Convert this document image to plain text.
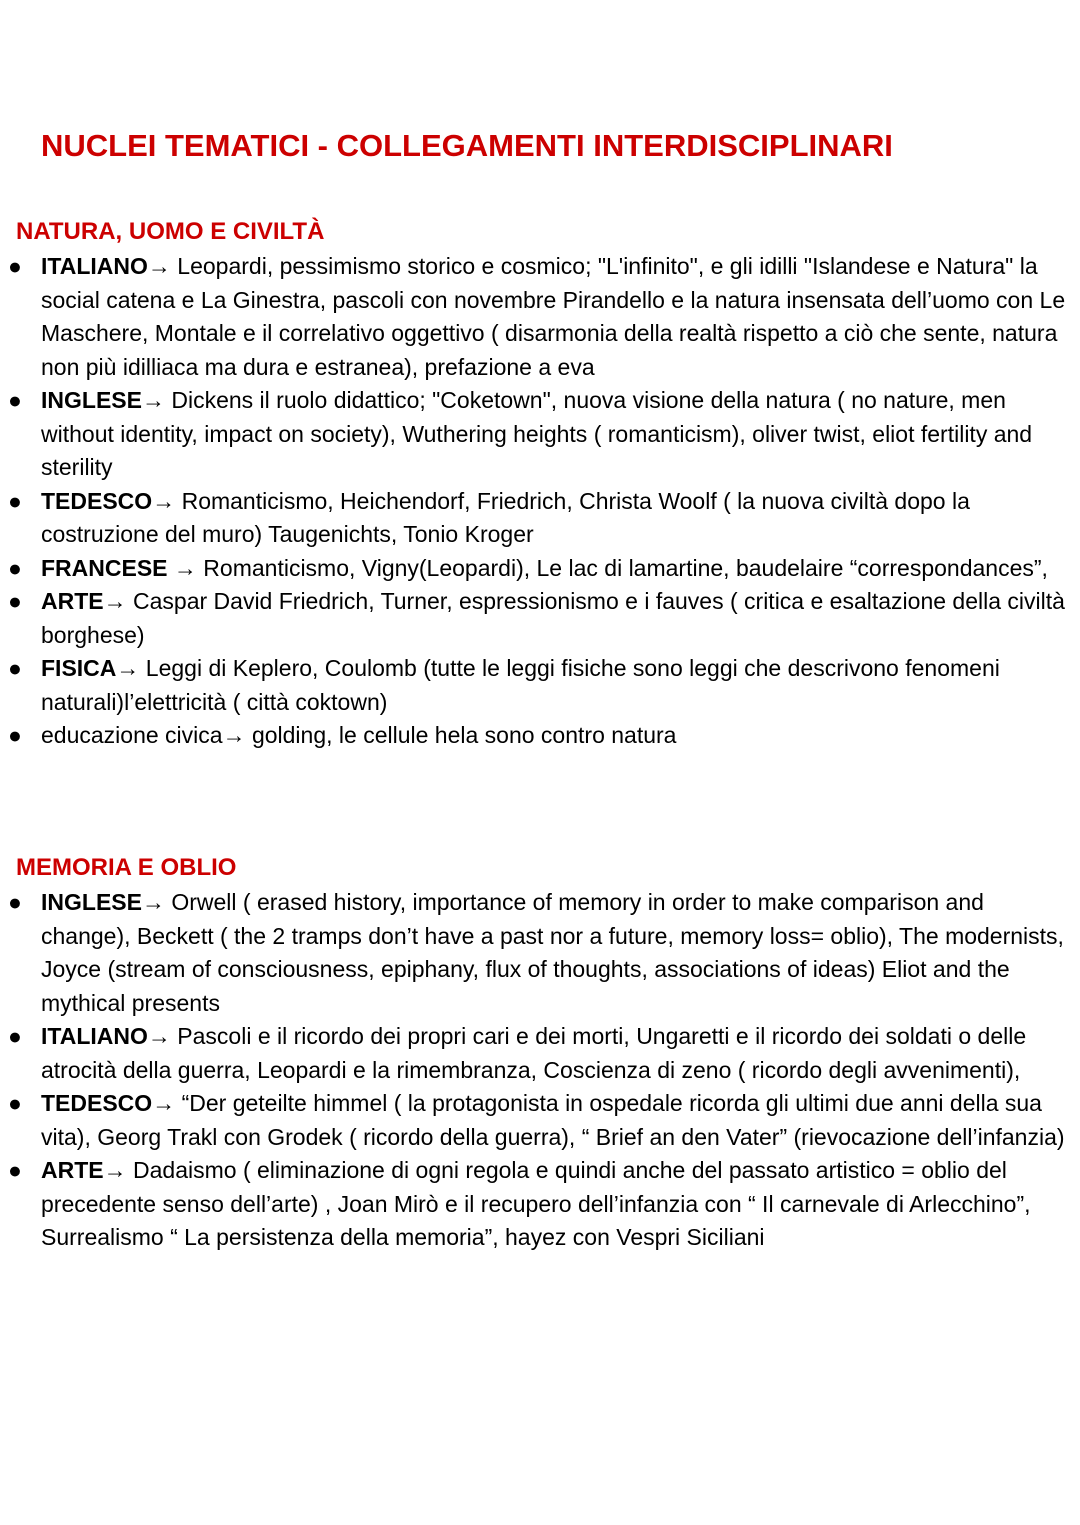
NUCLEI TEMATICI - COLLEGAMENTI INTERDISCIPLINARI
NATURA, UOMO E CIVILTÀ
● ITALIANO→ Leopardi, pessimismo storico e cosmico; "L'infinito", e gli idilli "Islandese e Natura" la social catena e La Ginestra, pascoli con novembre Pirandello e la natura insensata dell’uomo con Le Maschere, Montale e il correlativo oggettivo ( disarmonia della realtà rispetto a ciò che sente, natura non più idilliaca ma dura e estranea), prefazione a eva
● INGLESE→ Dickens il ruolo didattico; "Coketown", nuova visione della natura ( no nature, men without identity, impact on society), Wuthering heights ( romanticism), oliver twist, eliot fertility and sterility
● TEDESCO→ Romanticismo, Heichendorf, Friedrich, Christa Woolf ( la nuova civiltà dopo la costruzione del muro) Taugenichts, Tonio Kroger
● FRANCESE → Romanticismo, Vigny(Leopardi), Le lac di lamartine, baudelaire “correspondances”,
● ARTE→ Caspar David Friedrich, Turner, espressionismo e i fauves ( critica e esaltazione della civiltà borghese)
● FISICA→ Leggi di Keplero, Coulomb (tutte le leggi fisiche sono leggi che descrivono fenomeni naturali)l’elettricità ( città coktown)
● educazione civica→ golding, le cellule hela sono contro natura
MEMORIA E OBLIO
● INGLESE→ Orwell ( erased history, importance of memory in order to make comparison and change), Beckett ( the 2 tramps don’t have a past nor a future, memory loss= oblio), The modernists, Joyce (stream of consciousness, epiphany, flux of thoughts, associations of ideas) Eliot and the mythical presents
● ITALIANO→ Pascoli e il ricordo dei propri cari e dei morti, Ungaretti e il ricordo dei soldati o delle atrocità della guerra, Leopardi e la rimembranza, Coscienza di zeno ( ricordo degli avvenimenti),
● TEDESCO→ “Der geteilte himmel ( la protagonista in ospedale ricorda gli ultimi due anni della sua vita), Georg Trakl con Grodek ( ricordo della guerra), “ Brief an den Vater” (rievocazione dell’infanzia)
● ARTE→ Dadaismo ( eliminazione di ogni regola e quindi anche del passato artistico = oblio del precedente senso dell’arte) , Joan Mirò e il recupero dell’infanzia con “ Il carnevale di Arlecchino”, Surrealismo “ La persistenza della memoria”, hayez con Vespri Siciliani
